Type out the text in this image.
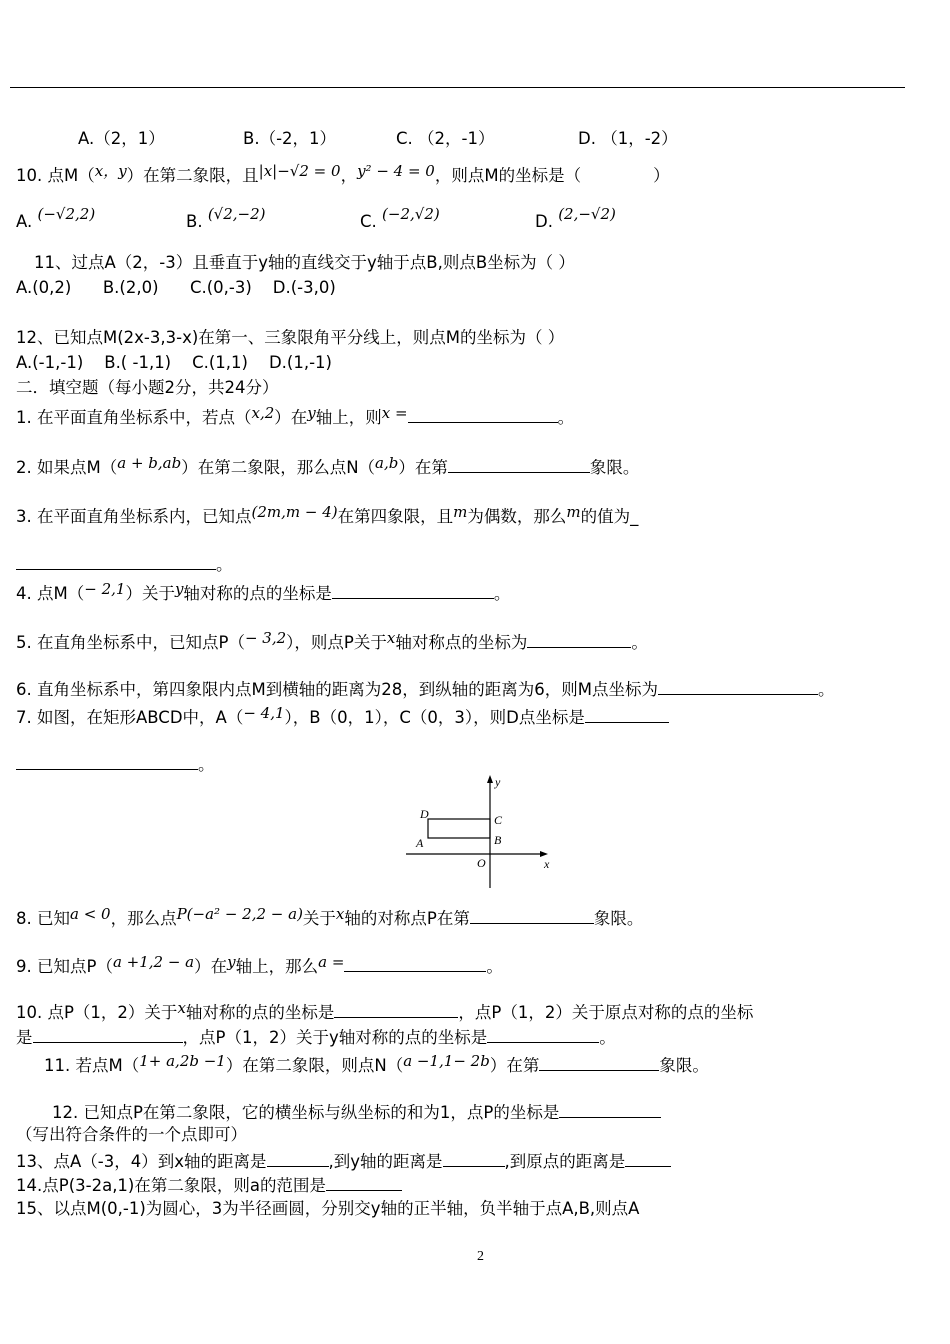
A.（2，1）	B.（-2，1）	C. （2，-1）	D. （1，-2）
10. 点M（x，y）在第二象限，且|x|−√2 = 0，y² − 4 = 0，则点M的坐标是（	）
A. (−√2,2)	B. (√2,−2)	C. (−2,√2)	D. (2,−√2)
11、过点A（2，-3）且垂直于y轴的直线交于y轴于点B,则点B坐标为（ ）
A.(0,2)      B.(2,0)      C.(0,-3)    D.(-3,0)
12、已知点M(2x-3,3-x)在第一、三象限角平分线上，则点M的坐标为（ ）
A.(-1,-1)    B.( -1,1)    C.(1,1)    D.(1,-1)
二．填空题（每小题2分，共24分）
1. 在平面直角坐标系中，若点（x,2）在y轴上，则x =	。
2. 如果点M（a + b,ab）在第二象限，那么点N（a,b）在第	象限。
3. 在平面直角坐标系内，已知点(2m,m − 4)在第四象限，且m为偶数，那么m的值为_
。
4. 点M（− 2,1）关于y轴对称的点的坐标是	。
5. 在直角坐标系中，已知点P（− 3,2），则点P关于x轴对称点的坐标为	。
6. 直角坐标系中，第四象限内点M到横轴的距离为28，到纵轴的距离为6，则M点坐标为	。
7. 如图，在矩形ABCD中，A（− 4,1），B（0，1），C（0，3），则D点坐标是
。
y
x
O
D	C
B
A
8. 已知a < 0，那么点P(−a² − 2,2 − a)关于x轴的对称点P在第	象限。
9. 已知点P（a +1,2 − a）在y轴上，那么a =	。
10. 点P（1，2）关于x轴对称的点的坐标是	，点P（1，2）关于原点对称的点的坐标
是	，点P（1，2）关于y轴对称的点的坐标是	。
11. 若点M（1+ a,2b −1）在第二象限，则点N（a −1,1− 2b）在第	象限。
12. 已知点P在第二象限，它的横坐标与纵坐标的和为1，点P的坐标是
（写出符合条件的一个点即可）
13、点A（-3，4）到x轴的距离是	,到y轴的距离是	,到原点的距离是
14.点P(3-2a,1)在第二象限，则a的范围是
15、以点M(0,-1)为圆心，3为半径画圆，分别交y轴的正半轴，负半轴于点A,B,则点A
2
